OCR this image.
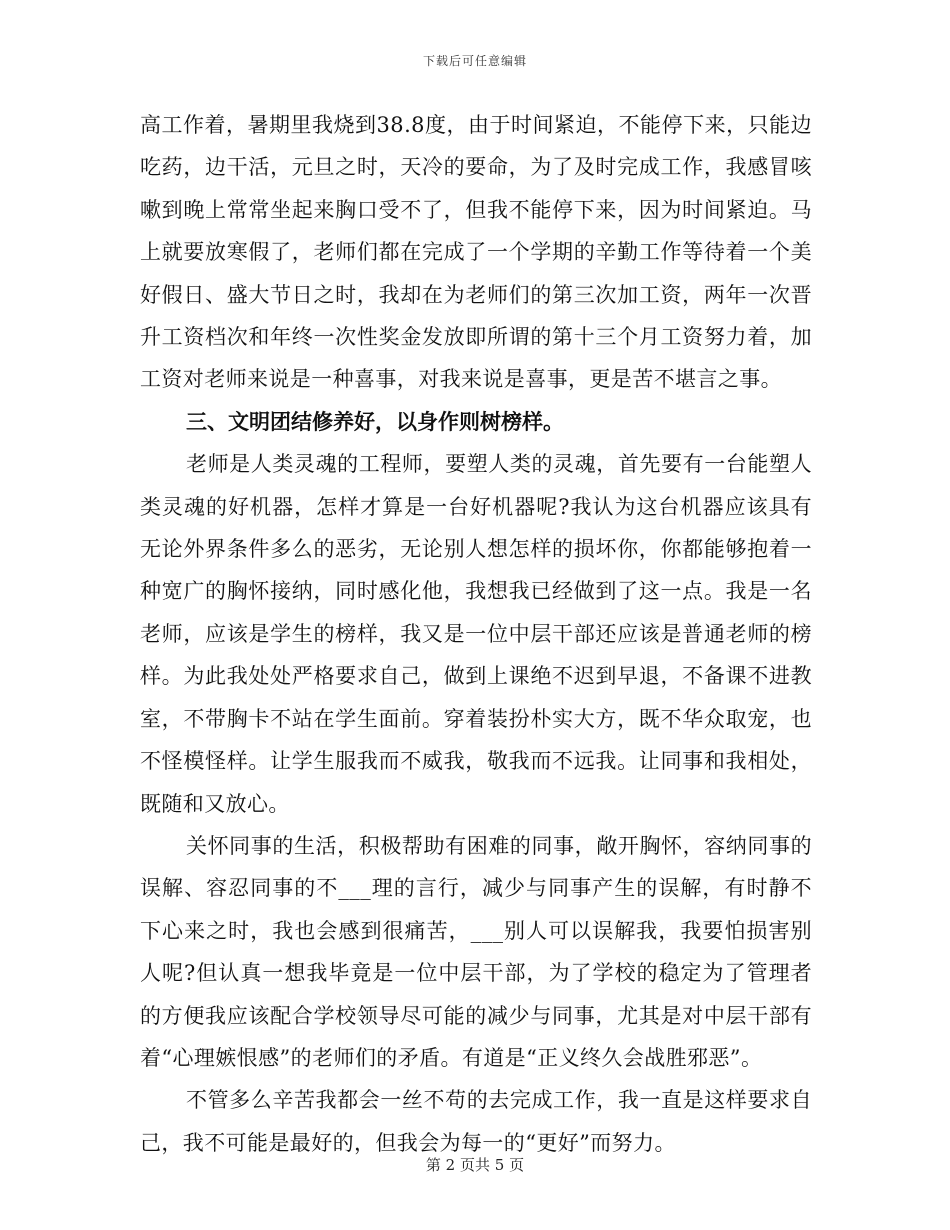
下载后可任意编辑

高工作着，暑期里我烧到38.8度，由于时间紧迫，不能停下来，只能边吃药，边干活，元旦之时，天冷的要命，为了及时完成工作，我感冒咳嗽到晚上常常坐起来胸口受不了，但我不能停下来，因为时间紧迫。马上就要放寒假了，老师们都在完成了一个学期的辛勤工作等待着一个美好假日、盛大节日之时，我却在为老师们的第三次加工资，两年一次晋升工资档次和年终一次性奖金发放即所谓的第十三个月工资努力着，加工资对老师来说是一种喜事，对我来说是喜事，更是苦不堪言之事。

三、文明团结修养好，以身作则树榜样。

老师是人类灵魂的工程师，要塑人类的灵魂，首先要有一台能塑人类灵魂的好机器，怎样才算是一台好机器呢?我认为这台机器应该具有无论外界条件多么的恶劣，无论别人想怎样的损坏你，你都能够抱着一种宽广的胸怀接纳，同时感化他，我想我已经做到了这一点。我是一名老师，应该是学生的榜样，我又是一位中层干部还应该是普通老师的榜样。为此我处处严格要求自己，做到上课绝不迟到早退，不备课不进教室，不带胸卡不站在学生面前。穿着装扮朴实大方，既不华众取宠，也不怪模怪样。让学生服我而不威我，敬我而不远我。让同事和我相处，既随和又放心。

关怀同事的生活，积极帮助有困难的同事，敞开胸怀，容纳同事的误解、容忍同事的不___理的言行，减少与同事产生的误解，有时静不下心来之时，我也会感到很痛苦，___别人可以误解我，我要怕损害别人呢?但认真一想我毕竟是一位中层干部，为了学校的稳定为了管理者的方便我应该配合学校领导尽可能的减少与同事，尤其是对中层干部有着“心理嫉恨感”的老师们的矛盾。有道是“正义终久会战胜邪恶”。

不管多么辛苦我都会一丝不苟的去完成工作，我一直是这样要求自己，我不可能是最好的，但我会为每一的“更好”而努力。

第 2 页共 5 页
